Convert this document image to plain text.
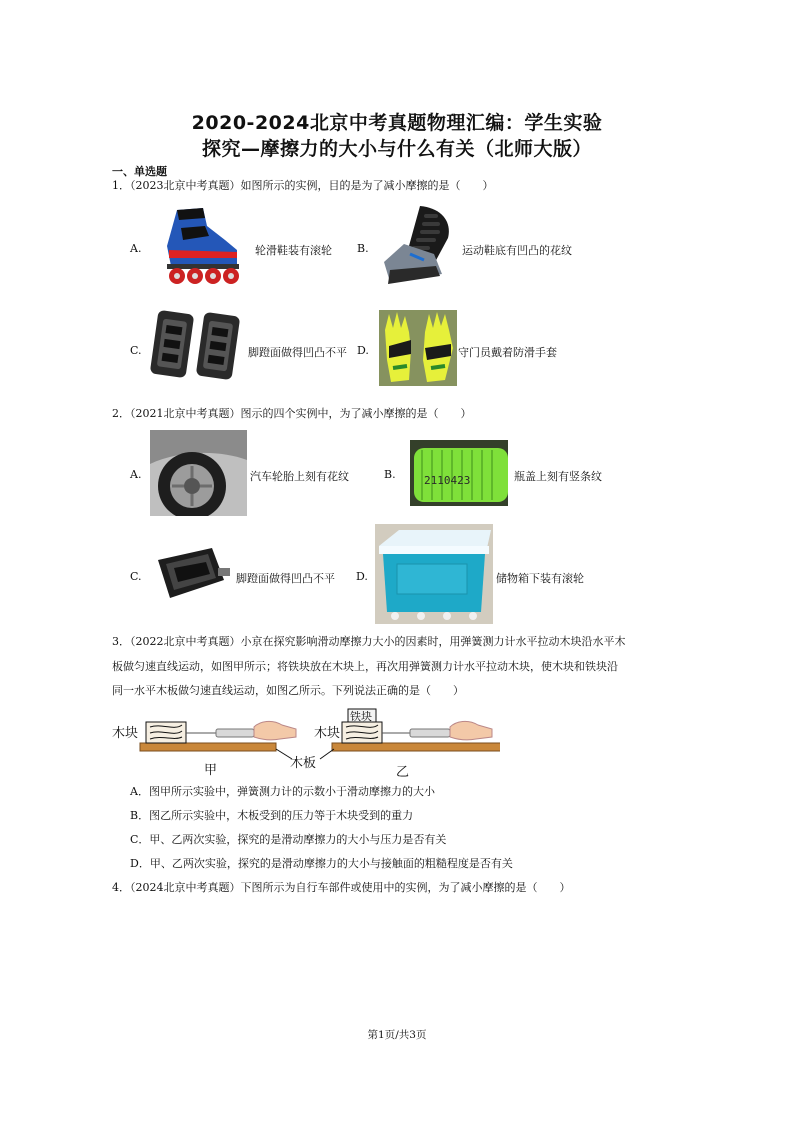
2020-2024北京中考真题物理汇编：学生实验
探究—摩擦力的大小与什么有关（北师大版）
一、单选题
1．（2023北京中考真题）如图所示的实例，目的是为了减小摩擦的是（　　）
A.	轮滑鞋装有滚轮 B.	运动鞋底有凹凸的花纹
C.	脚蹬面做得凹凸不平 D.	守门员戴着防滑手套
2．（2021北京中考真题）图示的四个实例中，为了减小摩擦的是（　　）
A.	汽车轮胎上刻有花纹	B.	2110423	瓶盖上刻有竖条纹
C.	脚蹬面做得凹凸不平 D.	储物箱下装有滚轮
3．（2022北京中考真题）小京在探究影响滑动摩擦力大小的因素时，用弹簧测力计水平拉动木块沿水平木
板做匀速直线运动，如图甲所示；将铁块放在木块上，再次用弹簧测力计水平拉动木块，使木块和铁块沿
同一水平木板做匀速直线运动，如图乙所示。下列说法正确的是（　　）
木块	木块
铁块
木板
甲	乙
A．图甲所示实验中，弹簧测力计的示数小于滑动摩擦力的大小
B．图乙所示实验中，木板受到的压力等于木块受到的重力
C．甲、乙两次实验，探究的是滑动摩擦力的大小与压力是否有关
D．甲、乙两次实验，探究的是滑动摩擦力的大小与接触面的粗糙程度是否有关
4．（2024北京中考真题）下图所示为自行车部件或使用中的实例，为了减小摩擦的是（　　）
第1页/共3页
